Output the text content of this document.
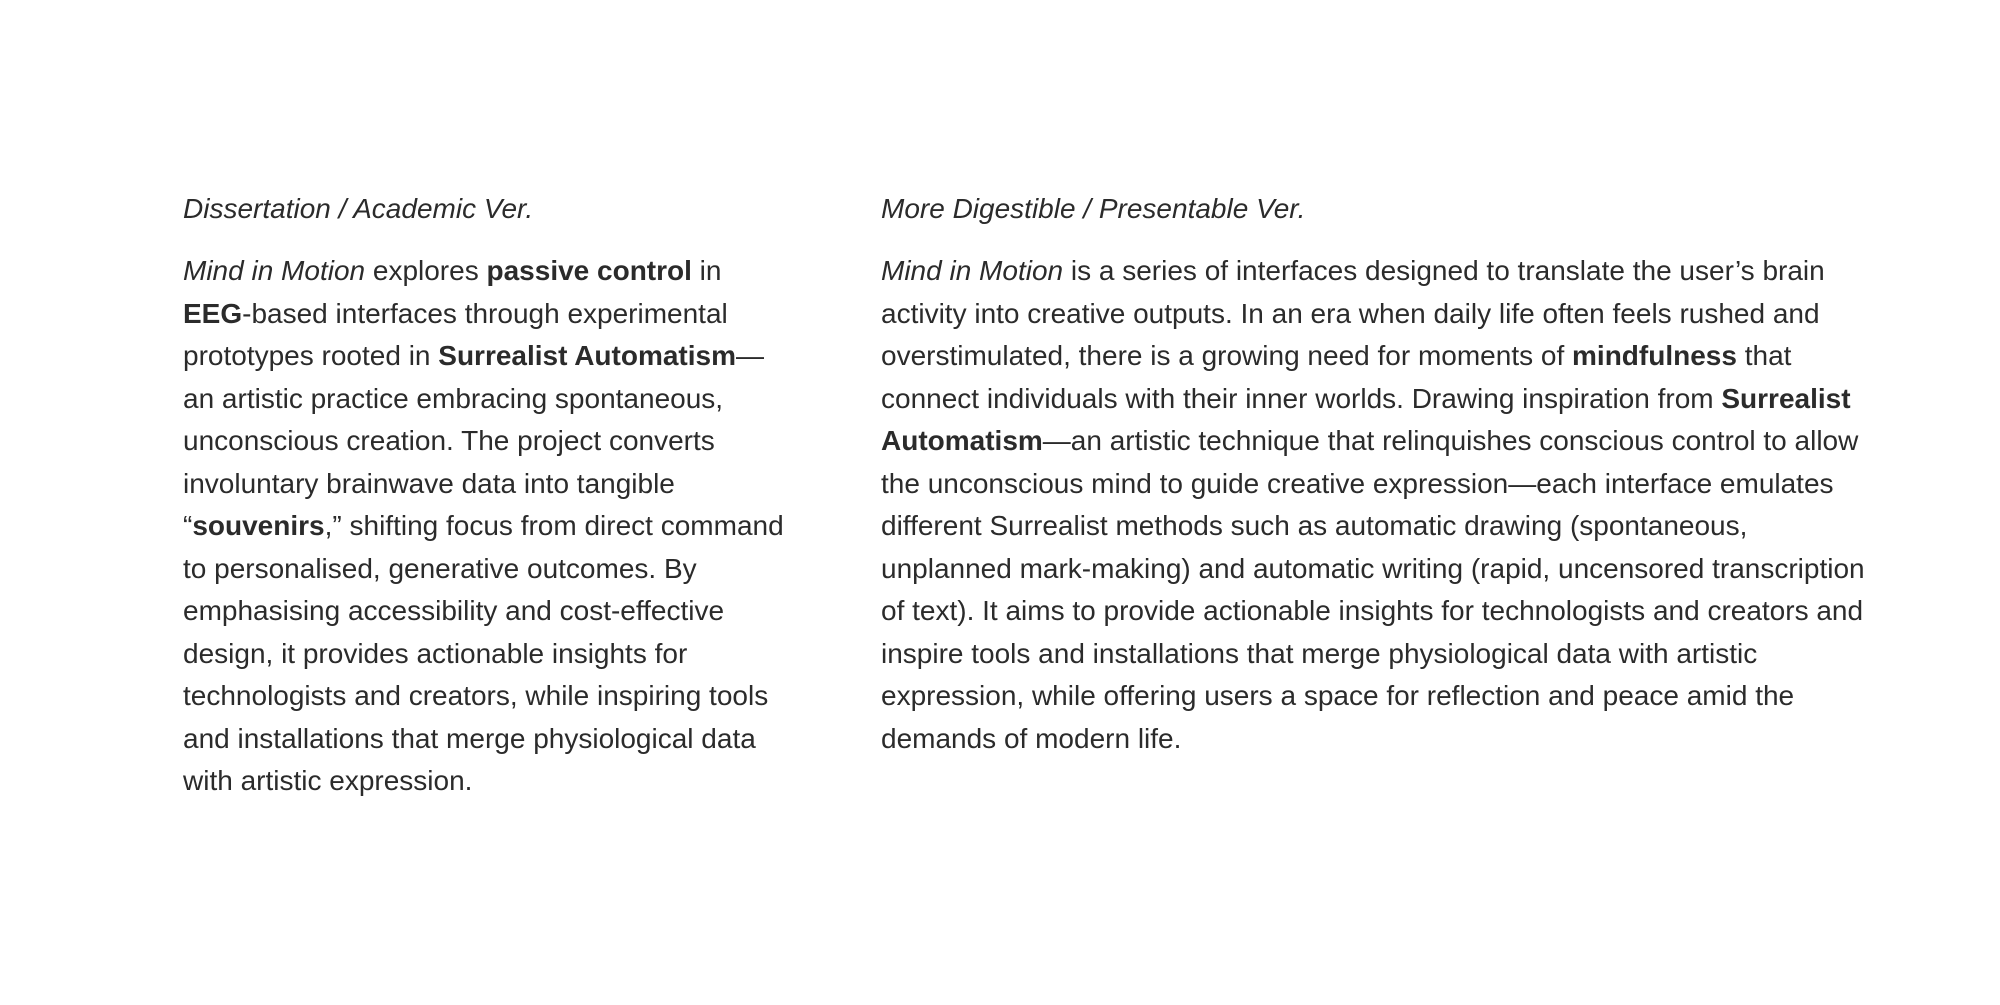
Dissertation / Academic Ver.

Mind in Motion explores passive control in EEG-based interfaces through experimental prototypes rooted in Surrealist Automatism—an artistic practice embracing spontaneous, unconscious creation. The project converts involuntary brainwave data into tangible “souvenirs,” shifting focus from direct command to personalised, generative outcomes. By emphasising accessibility and cost-effective design, it provides actionable insights for technologists and creators, while inspiring tools and installations that merge physiological data with artistic expression.

More Digestible / Presentable Ver.

Mind in Motion is a series of interfaces designed to translate the user’s brain activity into creative outputs. In an era when daily life often feels rushed and overstimulated, there is a growing need for moments of mindfulness that connect individuals with their inner worlds. Drawing inspiration from Surrealist Automatism—an artistic technique that relinquishes conscious control to allow the unconscious mind to guide creative expression—each interface emulates different Surrealist methods such as automatic drawing (spontaneous, unplanned mark-making) and automatic writing (rapid, uncensored transcription of text). It aims to provide actionable insights for technologists and creators and inspire tools and installations that merge physiological data with artistic expression, while offering users a space for reflection and peace amid the demands of modern life.
